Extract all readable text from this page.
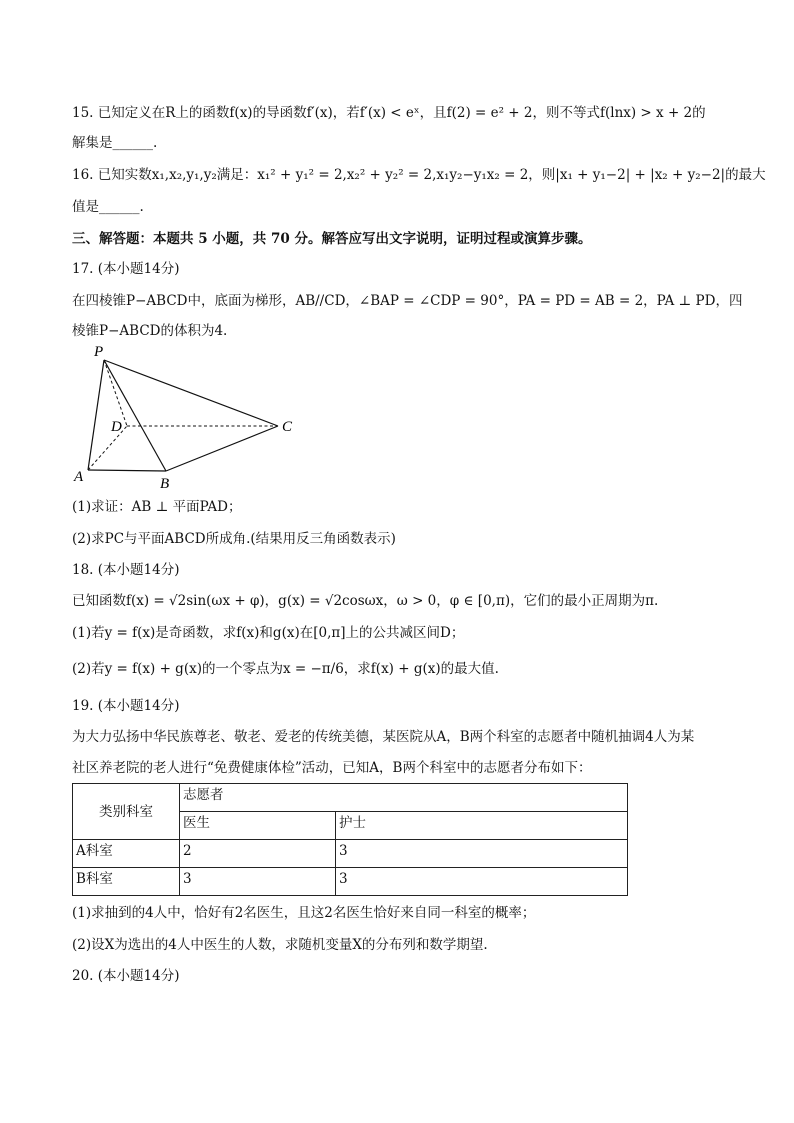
15. 已知定义在R上的函数f(x)的导函数f′(x)，若f′(x) < eˣ，且f(2) = e² + 2，则不等式f(lnx) > x + 2的
解集是______.
16. 已知实数x₁,x₂,y₁,y₂满足：x₁² + y₁² = 2,x₂² + y₂² = 2,x₁y₂−y₁x₂ = 2，则|x₁ + y₁−2| + |x₂ + y₂−2|的最大
值是______.
三、解答题：本题共 5 小题，共 70 分。解答应写出文字说明，证明过程或演算步骤。
17. (本小题14分)
在四棱锥P−ABCD中，底面为梯形，AB//CD，∠BAP = ∠CDP = 90°，PA = PD = AB = 2，PA ⊥ PD，四
棱锥P−ABCD的体积为4.
P
D	C
A	B
(1)求证：AB ⊥ 平面PAD；
(2)求PC与平面ABCD所成角.(结果用反三角函数表示)
18. (本小题14分)
已知函数f(x) = √2sin(ωx + φ)，g(x) = √2cosωx，ω > 0，φ ∈ [0,π)，它们的最小正周期为π.
(1)若y = f(x)是奇函数，求f(x)和g(x)在[0,π]上的公共减区间D；
(2)若y = f(x) + g(x)的一个零点为x = −π/6，求f(x) + g(x)的最大值.
19. (本小题14分)
为大力弘扬中华民族尊老、敬老、爱老的传统美德，某医院从A，B两个科室的志愿者中随机抽调4人为某
社区养老院的老人进行“免费健康体检”活动，已知A，B两个科室中的志愿者分布如下：
类别科室	志愿者	
	医生	护士
A科室	2	3
B科室	3	3
(1)求抽到的4人中，恰好有2名医生，且这2名医生恰好来自同一科室的概率；
(2)设X为选出的4人中医生的人数，求随机变量X的分布列和数学期望.
20. (本小题14分)
